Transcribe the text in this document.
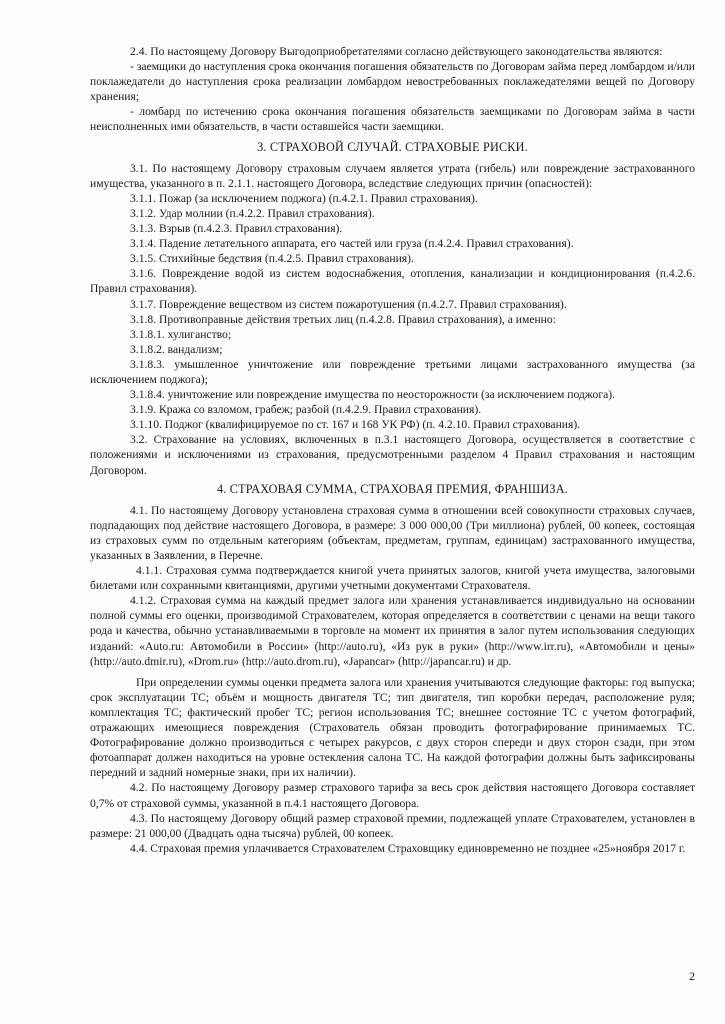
2.4. По настоящему Договору Выгодоприобретателями согласно действующего законодательства являются:

- заемщики до наступления срока окончания погашения обязательств по Договорам займа перед ломбардом и/или поклажедатели до наступления срока реализации ломбардом невостребованных поклажедателями вещей по Договору хранения;

- ломбард по истечению срока окончания погашения обязательств заемщиками по Договорам займа в части неисполненных ими обязательств, в части оставшейся части заемщики.

3. СТРАХОВОЙ СЛУЧАЙ. СТРАХОВЫЕ РИСКИ.

3.1. По настоящему Договору страховым случаем является утрата (гибель) или повреждение застрахованного имущества, указанного в п. 2.1.1. настоящего Договора, вследствие следующих причин (опасностей):

3.1.1. Пожар (за исключением поджога) (п.4.2.1. Правил страхования).

3.1.2. Удар молнии (п.4.2.2. Правил страхования).

3.1.3. Взрыв (п.4.2.3. Правил страхования).

3.1.4. Падение летательного аппарата, его частей или груза (п.4.2.4. Правил страхования).

3.1.5. Стихийные бедствия (п.4.2.5. Правил страхования).

3.1.6. Повреждение водой из систем водоснабжения, отопления, канализации и кондиционирования (п.4.2.6. Правил страхования).

3.1.7. Повреждение веществом из систем пожаротушения (п.4.2.7. Правил страхования).

3.1.8. Противоправные действия третьих лиц (п.4.2.8. Правил страхования), а именно:

3.1.8.1. хулиганство;

3.1.8.2. вандализм;

3.1.8.3. умышленное уничтожение или повреждение третьими лицами застрахованного имущества (за исключением поджога);

3.1.8.4. уничтожение или повреждение имущества по неосторожности (за исключением поджога).

3.1.9. Кража со взломом, грабеж; разбой (п.4.2.9. Правил страхования).

3.1.10. Поджог (квалифицируемое по ст. 167 и 168 УК РФ) (п. 4.2.10. Правил страхования).

3.2. Страхование на условиях, включенных в п.3.1 настоящего Договора, осуществляется в соответствие с положениями и исключениями из страхования, предусмотренными разделом 4 Правил страхования и настоящим Договором.

4. СТРАХОВАЯ СУММА, СТРАХОВАЯ ПРЕМИЯ, ФРАНШИЗА.

4.1. По настоящему Договору установлена страховая сумма в отношении всей совокупности страховых случаев, подпадающих под действие настоящего Договора, в размере: 3 000 000,00 (Три миллиона) рублей, 00 копеек, состоящая из страховых сумм по отдельным категориям (объектам, предметам, группам, единицам) застрахованного имущества, указанных в Заявлении, в Перечне.

4.1.1. Страховая сумма подтверждается книгой учета принятых залогов, книгой учета имущества, залоговыми билетами или сохранными квитанциями, другими учетными документами Страхователя.

4.1.2. Страховая сумма на каждый предмет залога или хранения устанавливается индивидуально на основании полной суммы его оценки, производимой Страхователем, которая определяется в соответствии с ценами на вещи такого рода и качества, обычно устанавливаемыми в торговле на момент их принятия в залог путем использования следующих изданий: «Auto.ru: Автомобили в России» (http://auto.ru), «Из рук в руки» (http://www.irr.ru), «Автомобили и цены» (http://auto.dmir.ru), «Drom.ru» (http://auto.drom.ru), «Japancar» (http://japancar.ru) и др.

При определении суммы оценки предмета залога или хранения учитываются следующие факторы: год выпуска; срок эксплуатации ТС; объём и мощность двигателя ТС; тип двигателя, тип коробки передач, расположение руля; комплектация ТС; фактический пробег ТС; регион использования ТС; внешнее состояние ТС с учетом фотографий, отражающих имеющиеся повреждения (Страхователь обязан проводить фотографирование принимаемых ТС. Фотографирование должно производиться с четырех ракурсов, с двух сторон спереди и двух сторон сзади, при этом фотоаппарат должен находиться на уровне остекления салона ТС. На каждой фотографии должны быть зафиксированы передний и задний номерные знаки, при их наличии).

4.2. По настоящему Договору размер страхового тарифа за весь срок действия настоящего Договора составляет 0,7% от страховой суммы, указанной в п.4.1 настоящего Договора.

4.3. По настоящему Договору общий размер страховой премии, подлежащей уплате Страхователем, установлен в размере: 21 000,00 (Двадцать одна тысяча) рублей, 00 копеек.

4.4. Страховая премия уплачивается Страхователем Страховщику единовременно не позднее «25»ноября 2017 г.

2
